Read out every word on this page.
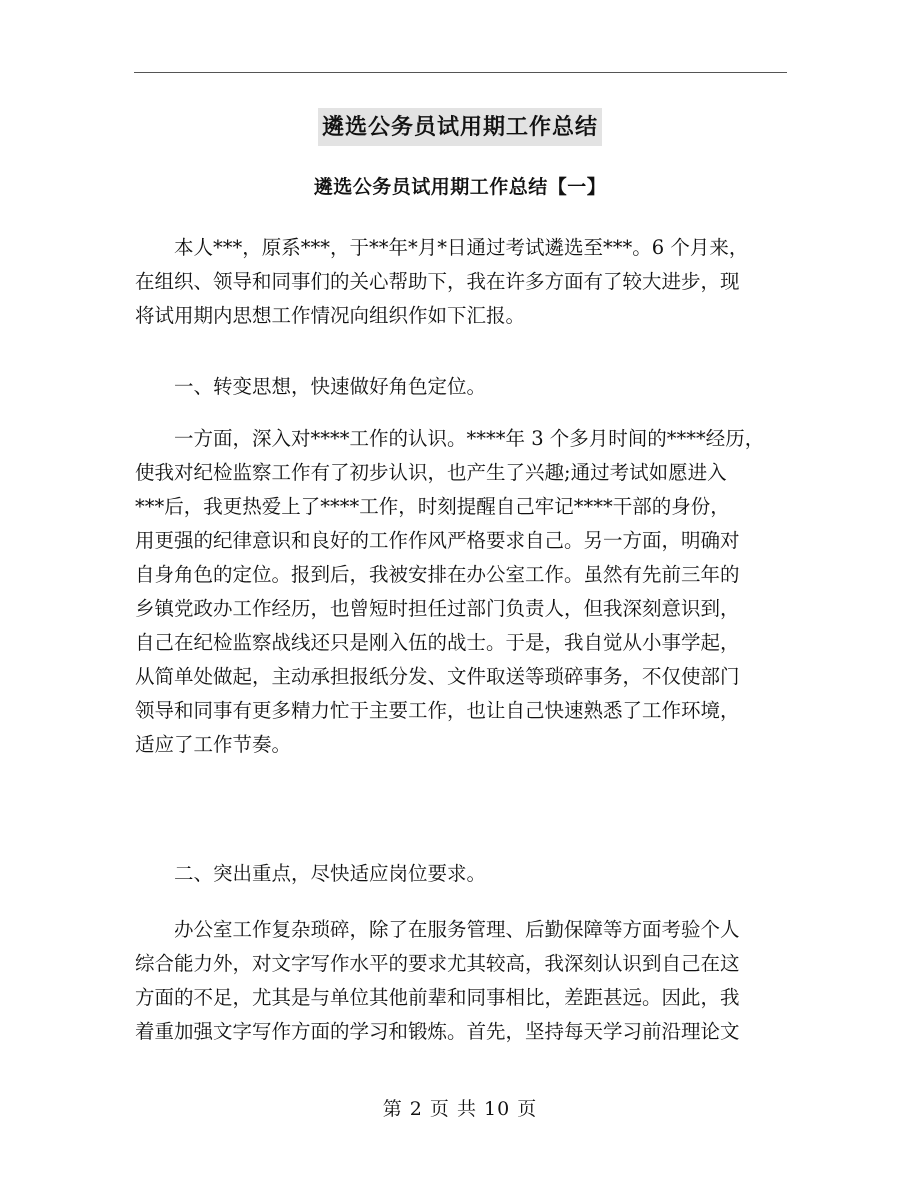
遴选公务员试用期工作总结
遴选公务员试用期工作总结【一】
　　本人***，原系***，于**年*月*日通过考试遴选至***。6 个月来，
在组织、领导和同事们的关心帮助下，我在许多方面有了较大进步，现
将试用期内思想工作情况向组织作如下汇报。
　　一、转变思想，快速做好角色定位。
　　一方面，深入对****工作的认识。****年 3 个多月时间的****经历，
使我对纪检监察工作有了初步认识，也产生了兴趣;通过考试如愿进入
***后，我更热爱上了****工作，时刻提醒自己牢记****干部的身份，
用更强的纪律意识和良好的工作作风严格要求自己。另一方面，明确对
自身角色的定位。报到后，我被安排在办公室工作。虽然有先前三年的
乡镇党政办工作经历，也曾短时担任过部门负责人，但我深刻意识到，
自己在纪检监察战线还只是刚入伍的战士。于是，我自觉从小事学起，
从简单处做起，主动承担报纸分发、文件取送等琐碎事务，不仅使部门
领导和同事有更多精力忙于主要工作，也让自己快速熟悉了工作环境，
适应了工作节奏。
　　二、突出重点，尽快适应岗位要求。
　　办公室工作复杂琐碎，除了在服务管理、后勤保障等方面考验个人
综合能力外，对文字写作水平的要求尤其较高，我深刻认识到自己在这
方面的不足，尤其是与单位其他前辈和同事相比，差距甚远。因此，我
着重加强文字写作方面的学习和锻炼。首先，坚持每天学习前沿理论文
第 2 页 共 10 页
